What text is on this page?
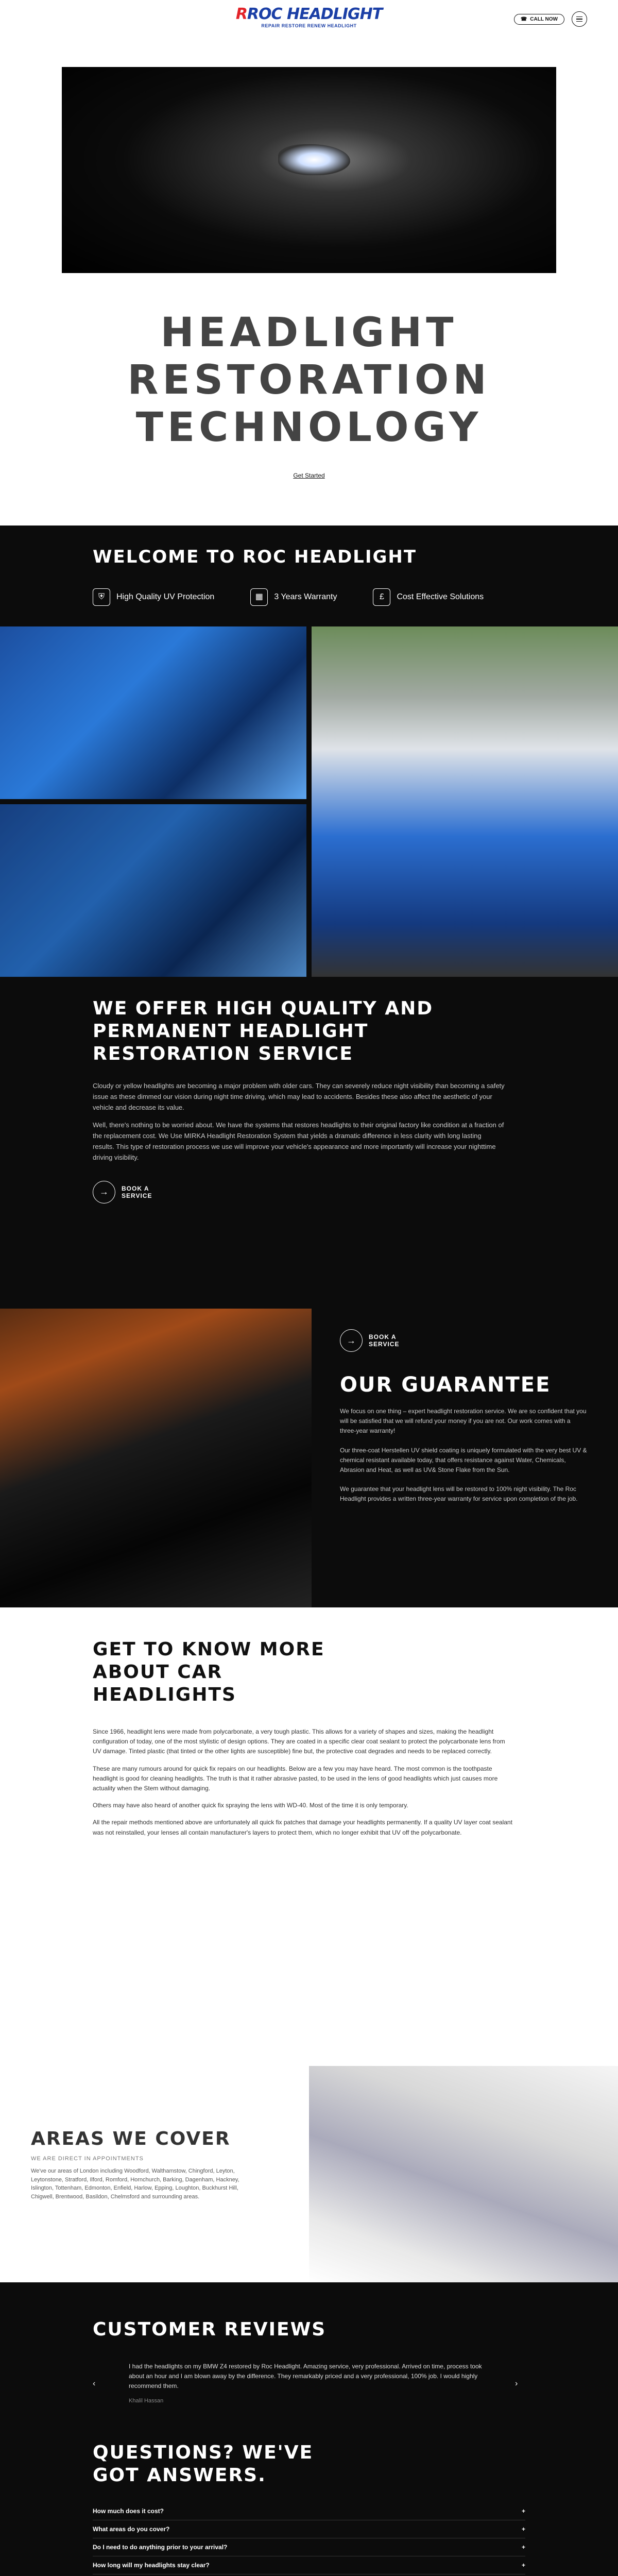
RROC HEADLIGHT
REPAIR RESTORE RENEW HEADLIGHT
☎ CALL NOW
HEADLIGHT RESTORATION TECHNOLOGY
Get Started
WELCOME TO ROC HEADLIGHT
⛨	High Quality UV Protection	▦	3 Years Warranty	£	Cost Effective Solutions
WE OFFER HIGH QUALITY AND PERMANENT HEADLIGHT RESTORATION SERVICE

Cloudy or yellow headlights are becoming a major problem with older cars. They can severely reduce night visibility than becoming a safety issue as these dimmed our vision during night time driving, which may lead to accidents. Besides these also affect the aesthetic of your vehicle and decrease its value.

Well, there's nothing to be worried about. We have the systems that restores headlights to their original factory like condition at a fraction of the replacement cost. We Use MIRKA Headlight Restoration System that yields a dramatic difference in less clarity with long lasting results. This type of restoration process we use will improve your vehicle's appearance and more importantly will increase your nighttime driving visibility.

→	BOOK A SERVICE
→	BOOK A SERVICE
OUR GUARANTEE

We focus on one thing – expert headlight restoration service. We are so confident that you will be satisfied that we will refund your money if you are not. Our work comes with a three-year warranty!

Our three-coat Herstellen UV shield coating is uniquely formulated with the very best UV & chemical resistant available today, that offers resistance against Water, Chemicals, Abrasion and Heat, as well as UV& Stone Flake from the Sun.

We guarantee that your headlight lens will be restored to 100% night visibility. The Roc Headlight provides a written three-year warranty for service upon completion of the job.

GET TO KNOW MORE ABOUT CAR HEADLIGHTS

Since 1966, headlight lens were made from polycarbonate, a very tough plastic. This allows for a variety of shapes and sizes, making the headlight configuration of today, one of the most stylistic of design options. They are coated in a specific clear coat sealant to protect the polycarbonate lens from UV damage. Tinted plastic (that tinted or the other lights are susceptible) fine but, the protective coat degrades and needs to be replaced correctly.

These are many rumours around for quick fix repairs on our headlights. Below are a few you may have heard. The most common is the toothpaste headlight is good for cleaning headlights. The truth is that it rather abrasive pasted, to be used in the lens of good headlights which just causes more actuality when the Stem without damaging.

Others may have also heard of another quick fix spraying the lens with WD-40. Most of the time it is only temporary.

All the repair methods mentioned above are unfortunately all quick fix patches that damage your headlights permanently. If a quality UV layer coat sealant was not reinstalled, your lenses all contain manufacturer's layers to protect them, which no longer exhibit that UV off the polycarbonate.

AREAS WE COVER
WE ARE DIRECT IN APPOINTMENTS
We've our areas of London including Woodford, Walthamstow, Chingford, Leyton, Leytonstone, Stratford, Ilford, Romford, Hornchurch, Barking, Dagenham, Hackney, Islington, Tottenham, Edmonton, Enfield, Harlow, Epping, Loughton, Buckhurst Hill, Chigwell, Brentwood, Basildon, Chelmsford and surrounding areas.
CUSTOMER REVIEWS
‹
I had the headlights on my BMW Z4 restored by Roc Headlight. Amazing service, very professional. Arrived on time, process took about an hour and I am blown away by the difference. They remarkably priced and a very professional, 100% job. I would highly recommend them.
Khalil Hassan
›
QUESTIONS? WE'VE GOT ANSWERS.
How much does it cost?	+
What areas do you cover?	+
Do I need to do anything prior to your arrival?	+
How long will my headlights stay clear?	+
